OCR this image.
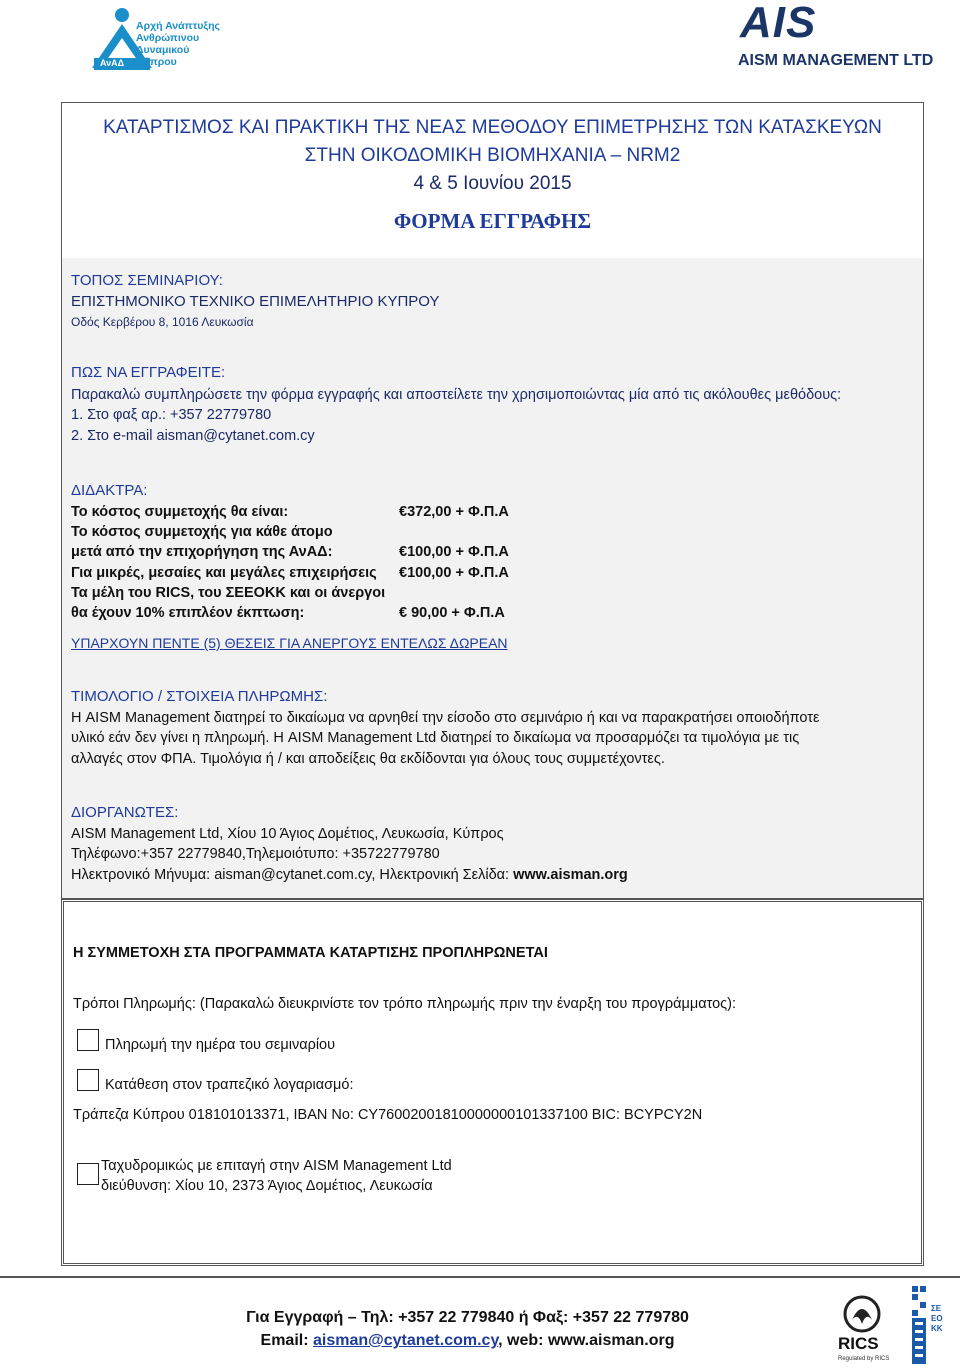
Αρχή Ανάπτυξης
Ανθρώπινου
Δυναμικού
Κύπρου
ΑνΑΔ
AIS
AISM MANAGEMENT LTD
ΚΑΤΑΡΤΙΣΜΟΣ ΚΑΙ ΠΡΑΚΤΙΚΗ ΤΗΣ ΝΕΑΣ ΜΕΘΟΔΟΥ ΕΠΙΜΕΤΡΗΣΗΣ ΤΩΝ ΚΑΤΑΣΚΕΥΩΝ
ΣΤΗΝ ΟΙΚΟΔΟΜΙΚΗ ΒΙΟΜΗΧΑΝΙΑ – NRM2
4 & 5 Ιουνίου 2015
ΦΟΡΜΑ ΕΓΓΡΑΦΗΣ
ΤΟΠΟΣ ΣΕΜΙΝΑΡΙΟΥ:
ΕΠΙΣΤΗΜΟΝΙΚΟ ΤΕΧΝΙΚΟ ΕΠΙΜΕΛΗΤΗΡΙΟ ΚΥΠΡΟΥ
Οδός Κερβέρου 8, 1016 Λευκωσία
ΠΩΣ ΝΑ ΕΓΓΡΑΦΕΙΤΕ:
Παρακαλώ συμπληρώσετε την φόρμα εγγραφής και αποστείλετε την χρησιμοποιώντας μία από τις ακόλουθες μεθόδους:
1. Στο φαξ αρ.: +357 22779780
2. Στο e-mail aisman@cytanet.com.cy
ΔΙΔΑΚΤΡΑ:
Το κόστος συμμετοχής θα είναι:	€372,00 + Φ.Π.Α
Το κόστος συμμετοχής για κάθε άτομο
μετά από την επιχορήγηση της ΑνΑΔ:	€100,00 + Φ.Π.Α
Για μικρές, μεσαίες και μεγάλες επιχειρήσεις €100,00 + Φ.Π.Α
Τα μέλη του RICS, του ΣΕΕΟΚΚ και οι άνεργοι
θα έχουν 10% επιπλέον έκπτωση:	€ 90,00 + Φ.Π.Α
ΥΠΑΡΧΟΥΝ ΠΕΝΤΕ (5) ΘΕΣΕΙΣ ΓΙΑ ΑΝΕΡΓΟΥΣ ΕΝΤΕΛΩΣ ΔΩΡΕΑΝ
ΤΙΜΟΛΟΓΙΟ / ΣΤΟΙΧΕΙΑ ΠΛΗΡΩΜΗΣ:
Η AISM Management διατηρεί το δικαίωμα να αρνηθεί την είσοδο στο σεμινάριο ή και να παρακρατήσει οποιοδήποτε
υλικό εάν δεν γίνει η πληρωμή. Η AISM Management Ltd διατηρεί το δικαίωμα να προσαρμόζει τα τιμολόγια με τις
αλλαγές στον ΦΠΑ. Τιμολόγια ή / και αποδείξεις θα εκδίδονται για όλους τους συμμετέχοντες.
ΔΙΟΡΓΑΝΩΤΕΣ:
AISM Management Ltd, Χίου 10 Άγιος Δομέτιος, Λευκωσία, Κύπρος
Τηλέφωνο:+357 22779840,Τηλεμοιότυπο: +35722779780
Ηλεκτρονικό Μήνυμα: aisman@cytanet.com.cy, Ηλεκτρονική Σελίδα: www.aisman.org
Η ΣΥΜΜΕΤΟΧΗ ΣΤΑ ΠΡΟΓΡΑΜΜΑΤΑ ΚΑΤΑΡΤΙΣΗΣ ΠΡΟΠΛΗΡΩΝΕΤΑΙ
Τρόποι Πληρωμής: (Παρακαλώ διευκρινίστε τον τρόπο πληρωμής πριν την έναρξη του προγράμματος):
Πληρωμή την ημέρα του σεμιναρίου
Κατάθεση στον τραπεζικό λογαριασμό:
Τράπεζα Κύπρου 018101013371, IBAN No: CY76002001810000000101337100 BIC: BCYPCY2N
Ταχυδρομικώς με επιταγή στην AISM Management Ltd
διεύθυνση: Χίου 10, 2373 Άγιος Δομέτιος, Λευκωσία
Για Εγγραφή – Τηλ: +357 22 779840 ή Φαξ: +357 22 779780
Email: aisman@cytanet.com.cy, web: www.aisman.org	RICS
Regulated by RICS
ΣΕΕΟΚΚ
